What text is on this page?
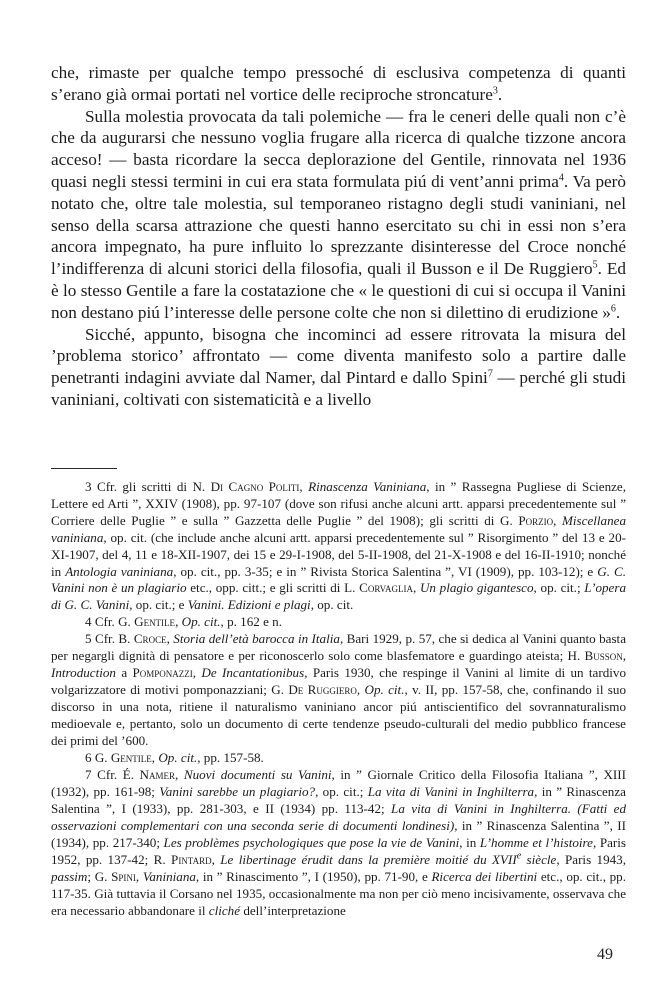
che, rimaste per qualche tempo pressoché di esclusiva competenza di quanti s’erano già ormai portati nel vortice delle reciproche stroncature$^3$.

Sulla molestia provocata da tali polemiche — fra le ceneri delle quali non c’è che da augurarsi che nessuno voglia frugare alla ricerca di qualche tizzone ancora acceso! — basta ricordare la secca deplorazione del Gentile, rinnovata nel 1936 quasi negli stessi termini in cui era stata formulata piú di vent’anni prima$^4$. Va però notato che, oltre tale molestia, sul temporaneo ristagno degli studi vaniniani, nel senso della scarsa attrazione che questi hanno esercitato su chi in essi non s’era ancora impegnato, ha pure influito lo sprezzante disinteresse del Croce nonché l’indifferenza di alcuni storici della filosofia, quali il Busson e il De Ruggiero$^5$. Ed è lo stesso Gentile a fare la costatazione che « le questioni di cui si occupa il Vanini non destano piú l’interesse delle persone colte che non si dilettino di erudizione »$^6$.

Sicché, appunto, bisogna che incominci ad essere ritrovata la misura del ’problema storico’ affrontato — come diventa manifesto solo a partire dalle penetranti indagini avviate dal Namer, dal Pintard e dallo Spini$^7$ — perché gli studi vaniniani, coltivati con sistematicità e a livello

3 Cfr. gli scritti di N. Di Cagno Politi, Rinascenza Vaniniana, in ” Rassegna Pugliese di Scienze, Lettere ed Arti ”, XXIV (1908), pp. 97-107 (dove son rifusi anche alcuni artt. apparsi precedentemente sul ” Corriere delle Puglie ” e sulla ” Gazzetta delle Puglie ” del 1908); gli scritti di G. Porzio, Miscellanea vaniniana, op. cit. (che include anche alcuni artt. apparsi precedentemente sul ” Risorgimento ” del 13 e 20-XI-1907, del 4, 11 e 18-XII-1907, dei 15 e 29-I-1908, del 5-II-1908, del 21-X-1908 e del 16-II-1910; nonché in Antologia vaniniana, op. cit., pp. 3-35; e in ” Rivista Storica Salentina ”, VI (1909), pp. 103-12); e G. C. Vanini non è un plagiario etc., opp. citt.; e gli scritti di L. Corvaglia, Un plagio gigantesco, op. cit.; L’opera di G. C. Vanini, op. cit.; e Vanini. Edizioni e plagi, op. cit.

4 Cfr. G. Gentile, Op. cit., p. 162 e n.

5 Cfr. B. Croce, Storia dell’età barocca in Italia, Bari 1929, p. 57, che si dedica al Vanini quanto basta per negargli dignità di pensatore e per riconoscerlo solo come blasfematore e guardingo ateista; H. Busson, Introduction a Pomponazzi, De Incantationibus, Paris 1930, che respinge il Vanini al limite di un tardivo volgarizzatore di motivi pomponazziani; G. De Ruggiero, Op. cit., v. II, pp. 157-58, che, confinando il suo discorso in una nota, ritiene il naturalismo vaniniano ancor piú antiscientifico del sovrannaturalismo medioevale e, pertanto, solo un documento di certe tendenze pseudo-culturali del medio pubblico francese dei primi del ’600.

6 G. Gentile, Op. cit., pp. 157-58.

7 Cfr. É. Namer, Nuovi documenti su Vanini, in ” Giornale Critico della Filosofia Italiana ”, XIII (1932), pp. 161-98; Vanini sarebbe un plagiario?, op. cit.; La vita di Vanini in Inghilterra, in ” Rinascenza Salentina ”, I (1933), pp. 281-303, e II (1934) pp. 113-42; La vita di Vanini in Inghilterra. (Fatti ed osservazioni complementari con una seconda serie di documenti londinesi), in ” Rinascenza Salentina ”, II (1934), pp. 217-340; Les problèmes psychologiques que pose la vie de Vanini, in L’homme et l’histoire, Paris 1952, pp. 137-42; R. Pintard, Le libertinage érudit dans la première moitié du XVIIe siècle, Paris 1943, passim; G. Spini, Vaniniana, in ” Rinascimento ”, I (1950), pp. 71-90, e Ricerca dei libertini etc., op. cit., pp. 117-35. Già tuttavia il Corsano nel 1935, occasionalmente ma non per ciò meno incisivamente, osservava che era necessario abbandonare il cliché dell’interpretazione

49
